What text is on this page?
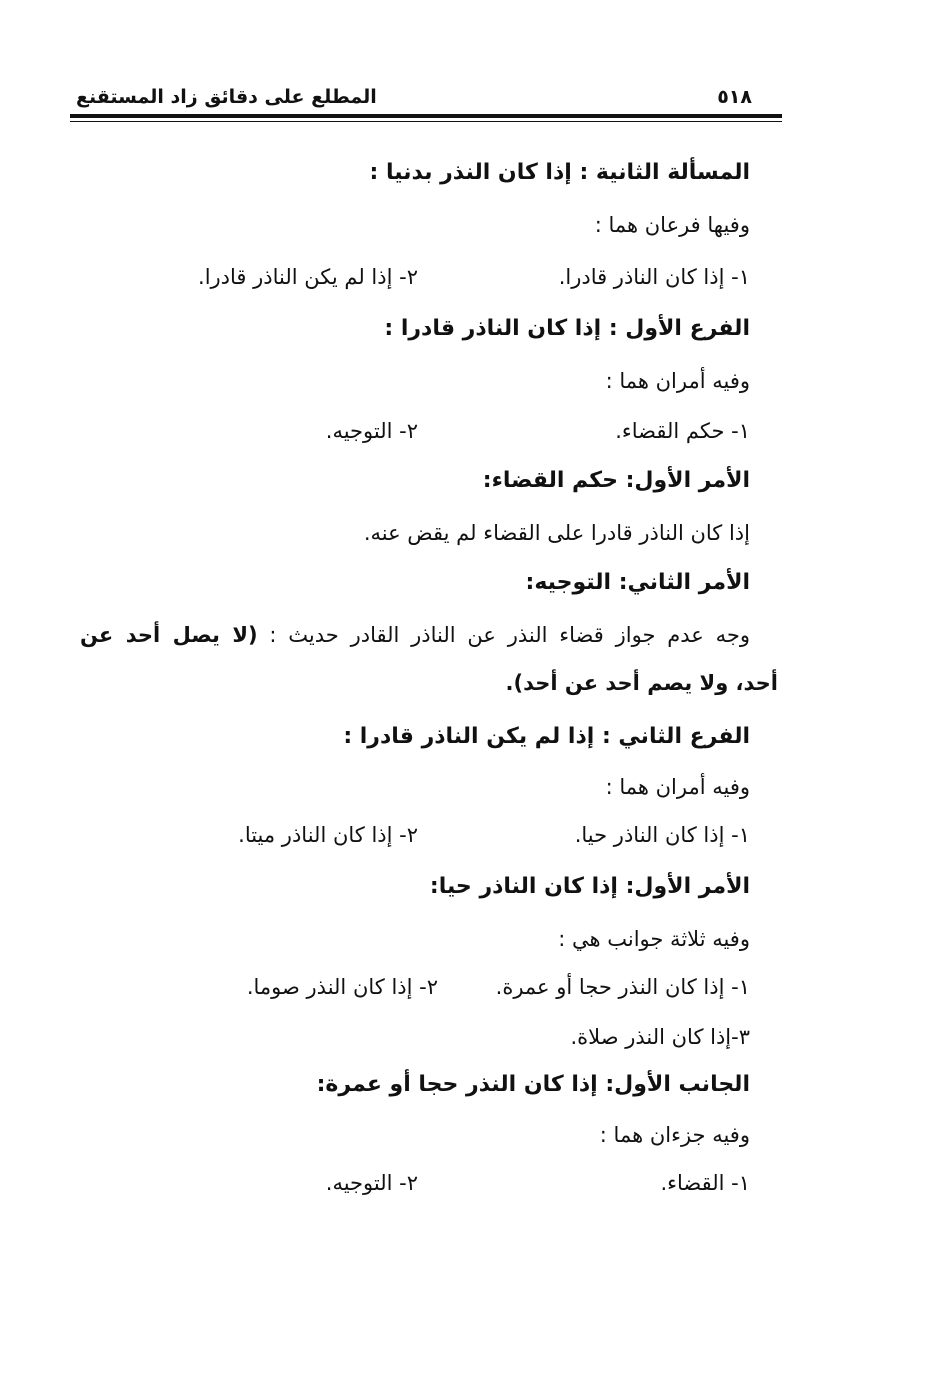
٥١٨
المطلع على دقائق زاد المستقنع
المسألة الثانية : إذا كان النذر بدنيا :
وفيها فرعان هما :
١- إذا كان الناذر قادرا.
٢- إذا لم يكن الناذر قادرا.
الفرع الأول : إذا كان الناذر قادرا :
وفيه أمران هما :
١- حكم القضاء.
٢- التوجيه.
الأمر الأول: حكم القضاء:
إذا كان الناذر قادرا على القضاء لم يقض عنه.
الأمر الثاني: التوجيه:
وجه عدم جواز قضاء النذر عن الناذر القادر حديث : (لا يصل أحد عن
أحد، ولا يصم أحد عن أحد).
الفرع الثاني : إذا لم يكن الناذر قادرا :
وفيه أمران هما :
١- إذا كان الناذر حيا.
٢- إذا كان الناذر ميتا.
الأمر الأول: إذا كان الناذر حيا:
وفيه ثلاثة جوانب هي :
١- إذا كان النذر حجا أو عمرة.
٢- إذا كان النذر صوما.
٣-إذا كان النذر صلاة.
الجانب الأول: إذا كان النذر حجا أو عمرة:
وفيه جزءان هما :
١- القضاء.
٢- التوجيه.
